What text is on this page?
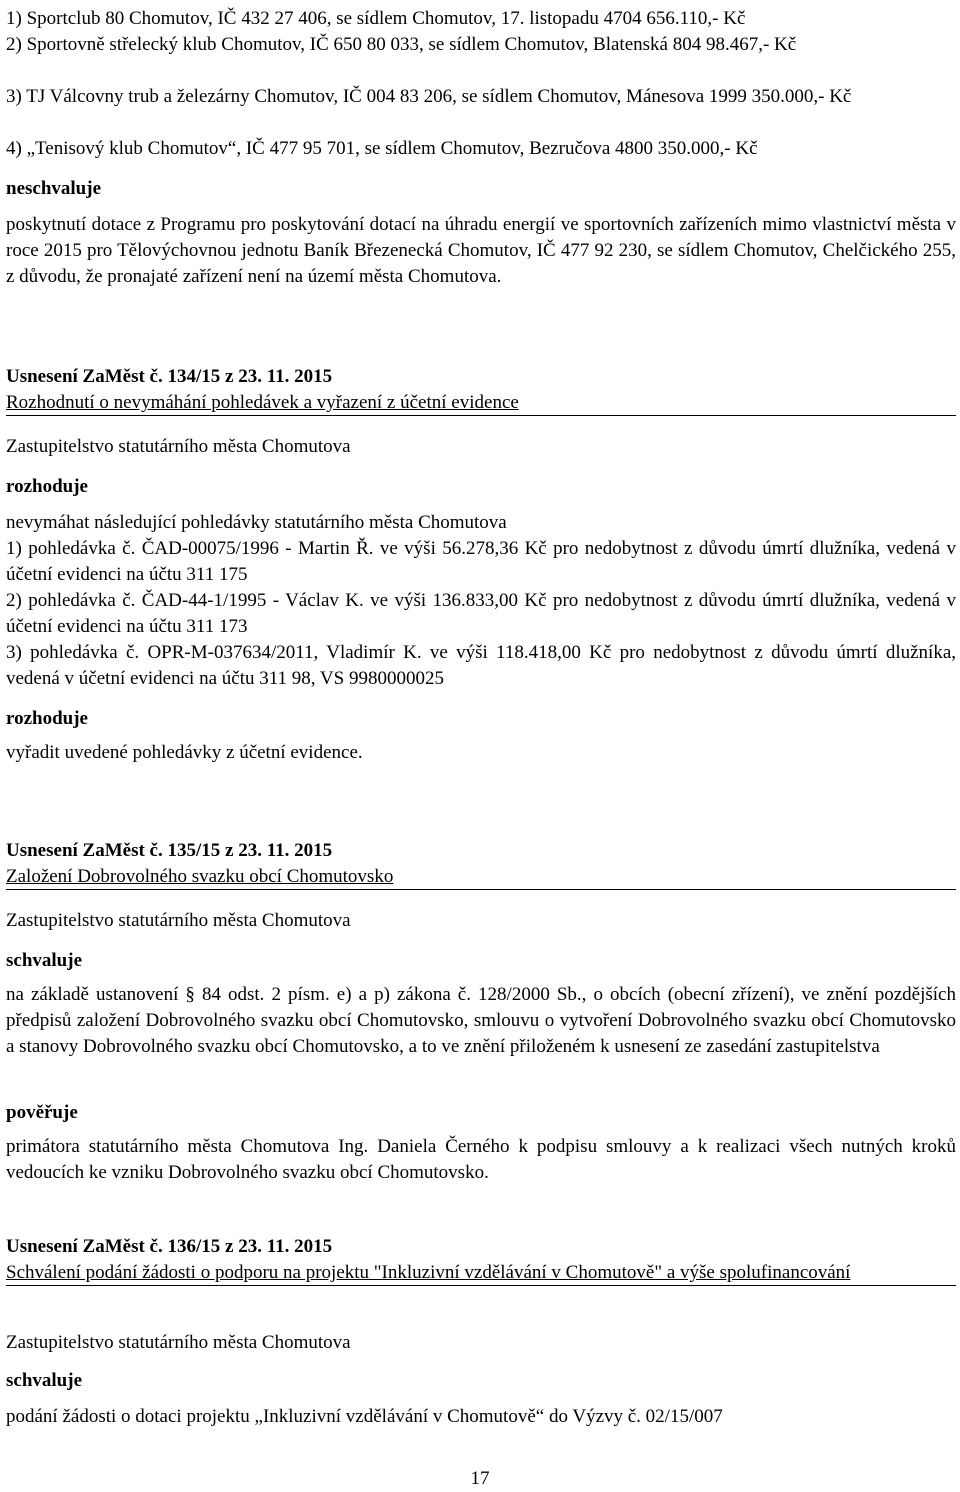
1) Sportclub 80 Chomutov, IČ 432 27 406, se sídlem Chomutov, 17. listopadu 4704 656.110,- Kč

2) Sportovně střelecký klub Chomutov, IČ 650 80 033, se sídlem Chomutov, Blatenská 804 98.467,- Kč

3) TJ Válcovny trub a železárny Chomutov, IČ 004 83 206, se sídlem Chomutov, Mánesova 1999 350.000,- Kč

4) „Tenisový klub Chomutov“, IČ 477 95 701, se sídlem Chomutov, Bezručova 4800 350.000,- Kč

neschvaluje

poskytnutí dotace z Programu pro poskytování dotací na úhradu energií ve sportovních zařízeních mimo vlastnictví města v roce 2015 pro Tělovýchovnou jednotu Baník Březenecká Chomutov, IČ 477 92 230, se sídlem Chomutov, Chelčického 255, z důvodu, že pronajaté zařízení není na území města Chomutova.

Usnesení ZaMěst č. 134/15 z 23. 11. 2015

Rozhodnutí o nevymáhání pohledávek a vyřazení z účetní evidence

Zastupitelstvo statutárního města Chomutova

rozhoduje

nevymáhat následující pohledávky statutárního města Chomutova

1) pohledávka č. ČAD-00075/1996 - Martin Ř. ve výši 56.278,36 Kč pro nedobytnost z důvodu úmrtí dlužníka, vedená v účetní evidenci na účtu 311 175

2) pohledávka č. ČAD-44-1/1995 - Václav K. ve výši 136.833,00 Kč pro nedobytnost z důvodu úmrtí dlužníka, vedená v účetní evidenci na účtu 311 173

3) pohledávka č. OPR-M-037634/2011, Vladimír K. ve výši 118.418,00 Kč pro nedobytnost z důvodu úmrtí dlužníka, vedená v účetní evidenci na účtu 311 98, VS 9980000025

rozhoduje

vyřadit uvedené pohledávky z účetní evidence.

Usnesení ZaMěst č. 135/15 z 23. 11. 2015

Založení Dobrovolného svazku obcí Chomutovsko

Zastupitelstvo statutárního města Chomutova

schvaluje

na základě ustanovení § 84 odst. 2 písm. e) a p) zákona č. 128/2000 Sb., o obcích (obecní zřízení), ve znění pozdějších předpisů založení Dobrovolného svazku obcí Chomutovsko, smlouvu o vytvoření Dobrovolného svazku obcí Chomutovsko a stanovy Dobrovolného svazku obcí Chomutovsko, a to ve znění přiloženém k usnesení ze zasedání zastupitelstva

pověřuje

primátora statutárního města Chomutova Ing. Daniela Černého k podpisu smlouvy a k realizaci všech nutných kroků vedoucích ke vzniku Dobrovolného svazku obcí Chomutovsko.

Usnesení ZaMěst č. 136/15 z 23. 11. 2015

Schválení podání žádosti o podporu na projektu "Inkluzivní vzdělávání v Chomutově" a výše spolufinancování

Zastupitelstvo statutárního města Chomutova

schvaluje

podání žádosti o dotaci projektu „Inkluzivní vzdělávání v Chomutově“ do Výzvy č. 02/15/007

17
